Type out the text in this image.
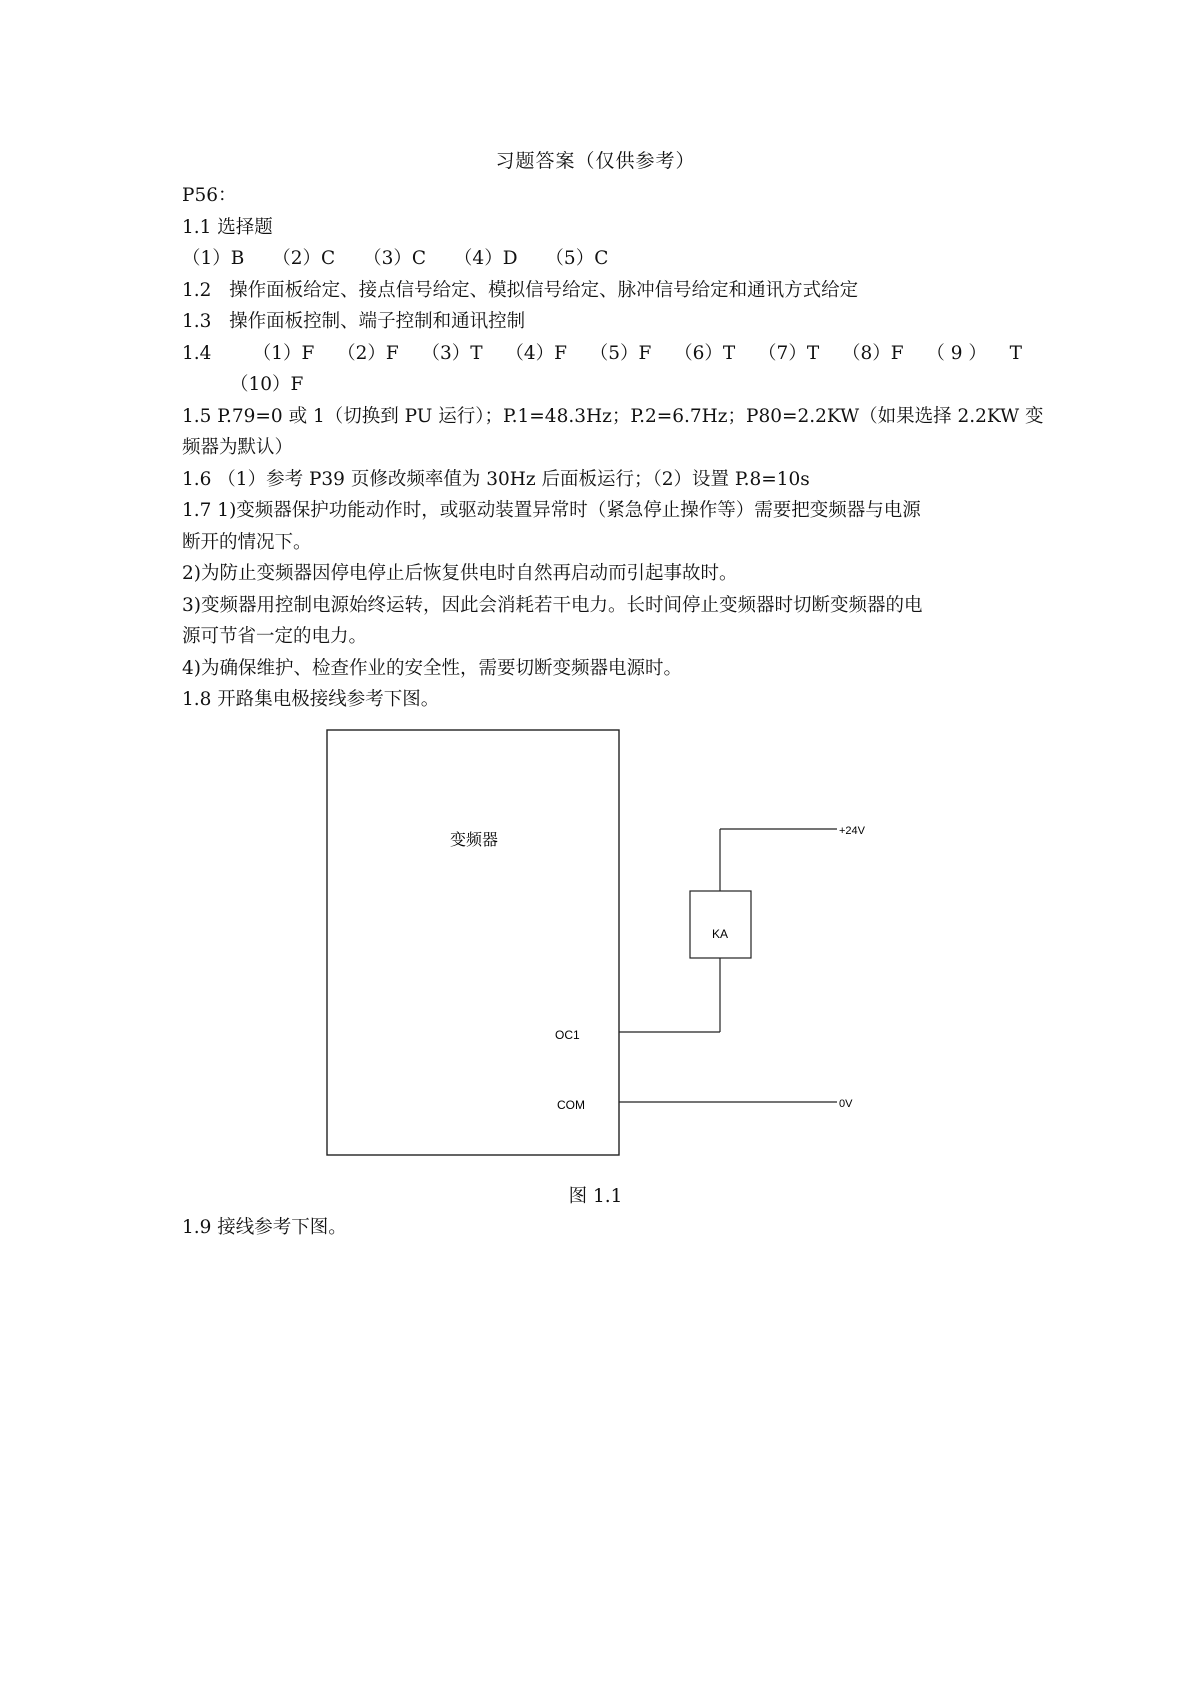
习题答案（仅供参考）
P56：
1.1 选择题
（1）B （2）C （3）C （4）D （5）C
1.2 操作面板给定、接点信号给定、模拟信号给定、脉冲信号给定和通讯方式给定
1.3 操作面板控制、端子控制和通讯控制
1.4	（1）F （2）F （3）T （4）F （5）F （6）T （7）T （8）F （ 9 ） T
（10）F
1.5 P.79=0 或 1（切换到 PU 运行）；P.1=48.3Hz；P.2=6.7Hz；P80=2.2KW（如果选择 2.2KW 变
频器为默认）
1.6 （1）参考 P39 页修改频率值为 30Hz 后面板运行；（2）设置 P.8=10s
1.7 1)变频器保护功能动作时，或驱动装置异常时（紧急停止操作等）需要把变频器与电源
断开的情况下。
2)为防止变频器因停电停止后恢复供电时自然再启动而引起事故时。
3)变频器用控制电源始终运转，因此会消耗若干电力。长时间停止变频器时切断变频器的电
源可节省一定的电力。
4)为确保维护、检查作业的安全性，需要切断变频器电源时。
1.8 开路集电极接线参考下图。
变频器	+24V
KA
OC1
COM	0V
图 1.1
1.9 接线参考下图。
